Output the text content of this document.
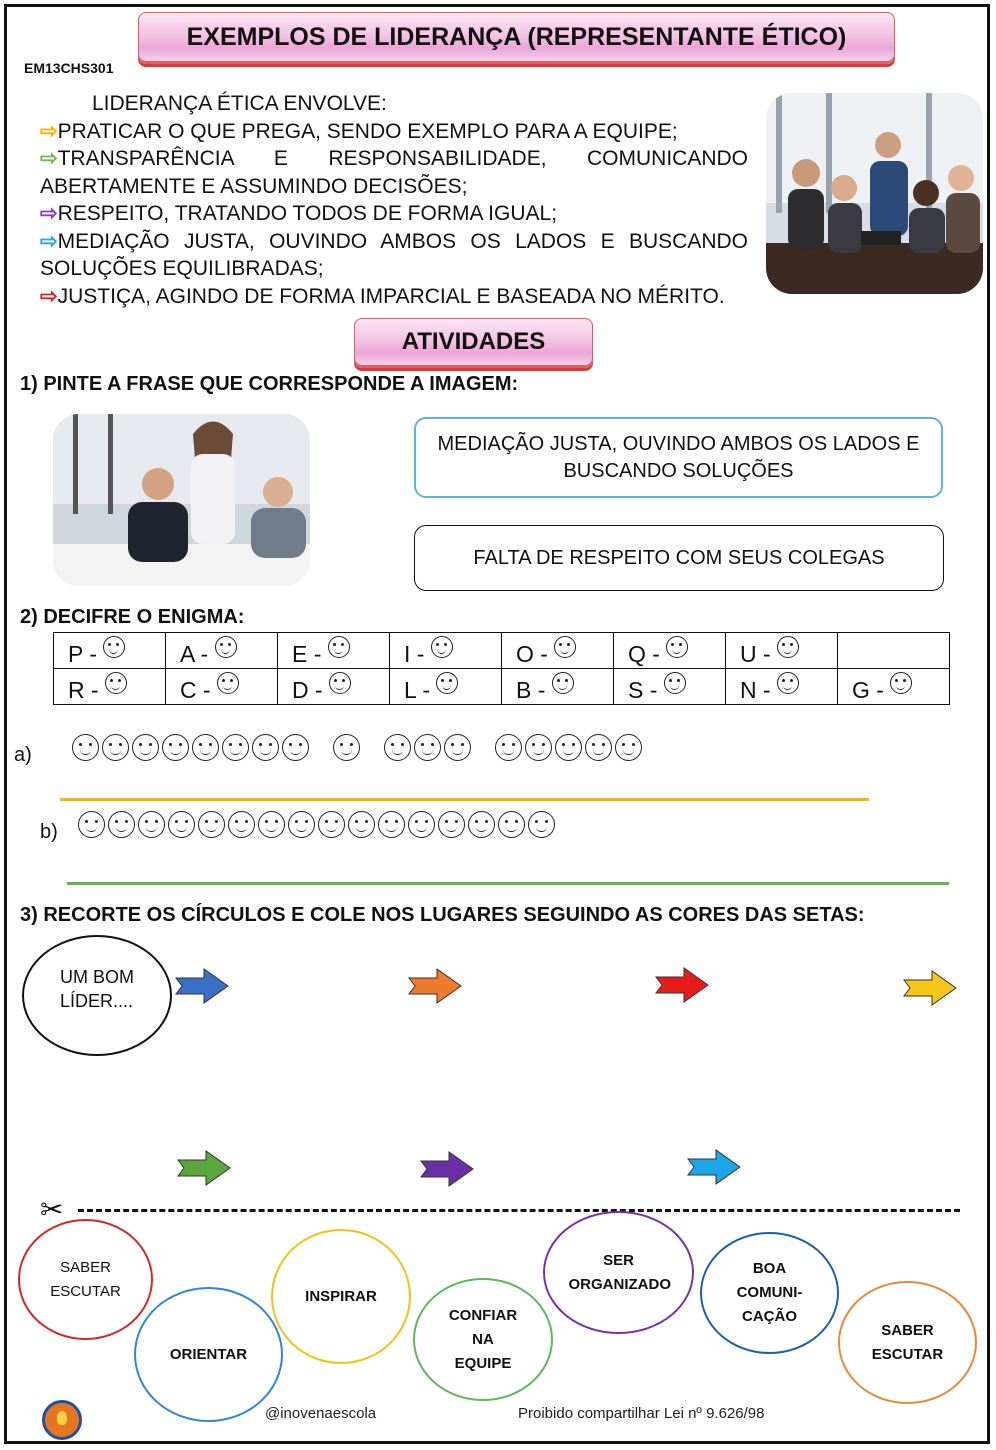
EXEMPLOS DE LIDERANÇA (REPRESENTANTE ÉTICO)
EM13CHS301

LIDERANÇA ÉTICA ENVOLVE:

⇨PRATICAR O QUE PREGA, SENDO EXEMPLO PARA A EQUIPE;

⇨TRANSPARÊNCIA E RESPONSABILIDADE, COMUNICANDO ABERTAMENTE E ASSUMINDO DECISÕES;

⇨RESPEITO, TRATANDO TODOS DE FORMA IGUAL;

⇨MEDIAÇÃO JUSTA, OUVINDO AMBOS OS LADOS E BUSCANDO SOLUÇÕES EQUILIBRADAS;

⇨JUSTIÇA, AGINDO DE FORMA IMPARCIAL E BASEADA NO MÉRITO.

ATIVIDADES
1) PINTE A FRASE QUE CORRESPONDE A IMAGEM:
MEDIAÇÃO JUSTA, OUVINDO AMBOS OS LADOS E BUSCANDO SOLUÇÕES
FALTA DE RESPEITO COM SEUS COLEGAS
2) DECIFRE O ENIGMA:
P -	A -	E -	I -	O -	Q -	U -	
R -	C -	D -	L -	B -	S -	N -	G -
a)
b)
3) RECORTE OS CÍRCULOS E COLE NOS LUGARES SEGUINDO AS CORES DAS SETAS:
UM BOM LÍDER....
✂
SABER ESCUTAR
ORIENTAR
INSPIRAR
CONFIAR NA EQUIPE
SER ORGANIZADO
BOA COMUNI-CAÇÃO
SABER ESCUTAR
@inovenaescola	Proibido compartilhar Lei nº 9.626/98
